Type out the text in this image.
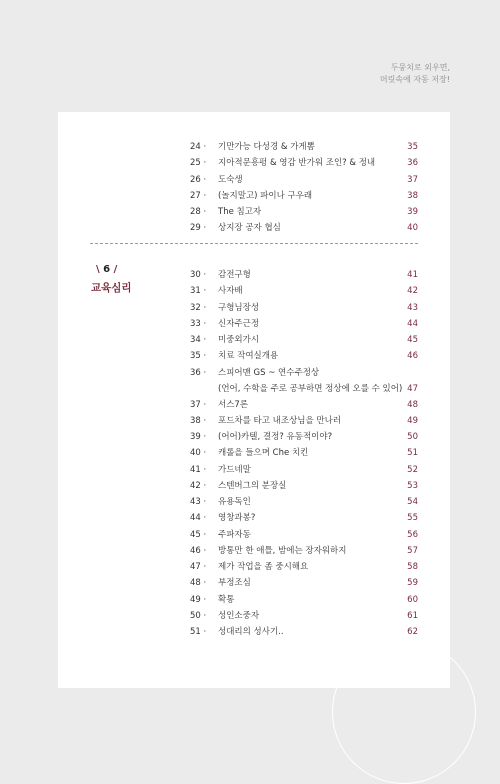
두뭉치로 외우면,
머릿속에 자동 저장!
24 · 기만가능 다성경 & 가게뽐	35
25 · 지아적문흥펑 & 영감 반가워 조인? & 정내	36
26 · 도숙생	37
27 · (놀지말고) 파이나 구우래	38
28 · The 침고자	39
29 · 상지장 공자 협심	40
\ 6 /
교육심리
30 · 감전구형	41
31 · 사자배	42
32 · 구형님장성	43
33 · 신자주근정	44
34 · 미중외가시	45
35 · 치료 작여실개용	46
36 · 스피어맨 GS ~ 연수주정상
(언어, 수학을 주로 공부하면 정상에 오를 수 있어) 47
37 · 서스7론	48
38 · 포드차를 타고 내조상님을 만나러	49
39 · (어어)카텔, 결정? 유동적이야?	50
40 · 캐롤을 들으며 Che 치킨	51
41 · 가드네말	52
42 · 스텐버그의 분장실	53
43 · 유용독인	54
44 · 영창과봉?	55
45 · 주파자동	56
46 · 방통만 한 애틀, 밤에는 장자워하지	57
47 · 제가 작업을 좀 중시해요	58
48 · 부정조심	59
49 · 확통	60
50 · 성인소중자	61
51 · 성대리의 성사기..	62
